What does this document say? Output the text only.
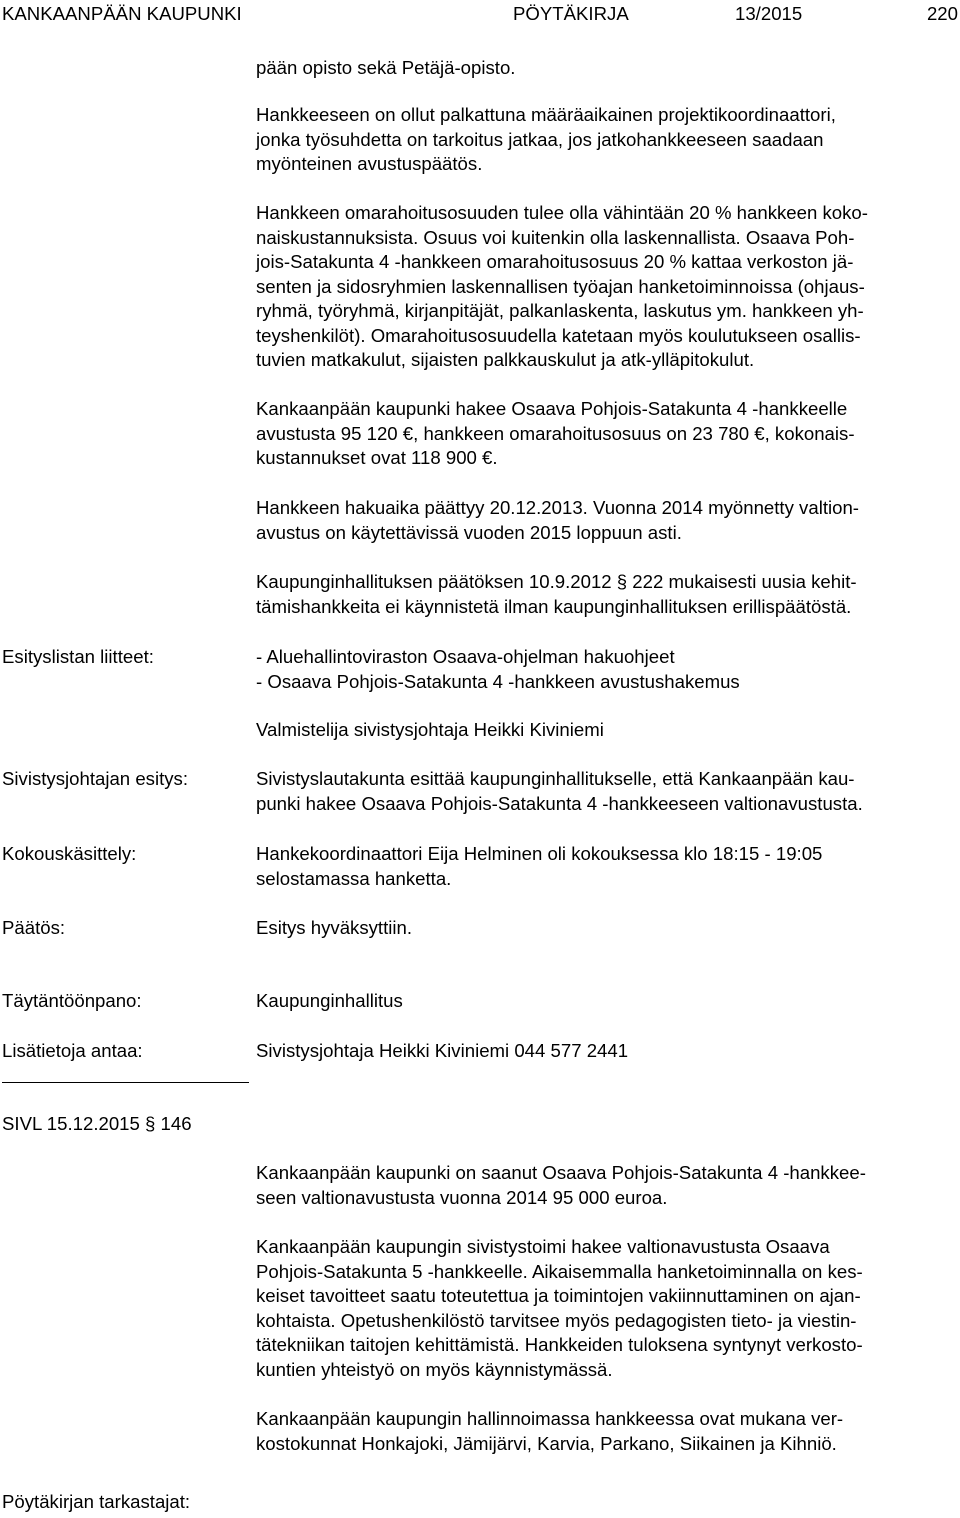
KANKAANPÄÄN KAUPUNKI	PÖYTÄKIRJA	13/2015	220
pään opisto sekä Petäjä-opisto.
Hankkeeseen on ollut palkattuna määräaikainen projektikoordinaattori,
jonka työsuhdetta on tarkoitus jatkaa, jos jatkohankkeeseen saadaan
myönteinen avustuspäätös.
Hankkeen omarahoitusosuuden tulee olla vähintään 20 % hankkeen koko-
naiskustannuksista. Osuus voi kuitenkin olla laskennallista. Osaava Poh-
jois-Satakunta 4 -hankkeen omarahoitusosuus 20 % kattaa verkoston jä-
senten ja sidosryhmien laskennallisen työajan hanketoiminnoissa (ohjaus-
ryhmä, työryhmä, kirjanpitäjät, palkanlaskenta, laskutus ym. hankkeen yh-
teyshenkilöt). Omarahoitusosuudella katetaan myös koulutukseen osallis-
tuvien matkakulut, sijaisten palkkauskulut ja atk-ylläpitokulut.
Kankaanpään kaupunki hakee Osaava Pohjois-Satakunta 4 -hankkeelle
avustusta 95 120 €, hankkeen omarahoitusosuus on 23 780 €, kokonais-
kustannukset ovat 118 900 €.
Hankkeen hakuaika päättyy 20.12.2013. Vuonna 2014 myönnetty valtion-
avustus on käytettävissä vuoden 2015 loppuun asti.
Kaupunginhallituksen päätöksen 10.9.2012 § 222 mukaisesti uusia kehit-
tämishankkeita ei käynnistetä ilman kaupunginhallituksen erillispäätöstä.
Esityslistan liitteet:	- Aluehallintoviraston Osaava-ohjelman hakuohjeet
- Osaava Pohjois-Satakunta 4 -hankkeen avustushakemus
Valmistelija sivistysjohtaja Heikki Kiviniemi
Sivistysjohtajan esitys:	Sivistyslautakunta esittää kaupunginhallitukselle, että Kankaanpään kau-
punki hakee Osaava Pohjois-Satakunta 4 -hankkeeseen valtionavustusta.
Kokouskäsittely:	Hankekoordinaattori Eija Helminen oli kokouksessa klo 18:15 - 19:05
selostamassa hanketta.
Päätös:	Esitys hyväksyttiin.
Täytäntöönpano:	Kaupunginhallitus
Lisätietoja antaa:	Sivistysjohtaja Heikki Kiviniemi 044 577 2441
SIVL 15.12.2015 § 146
Kankaanpään kaupunki on saanut Osaava Pohjois-Satakunta 4 -hankkee-
seen valtionavustusta vuonna 2014 95 000 euroa.
Kankaanpään kaupungin sivistystoimi hakee valtionavustusta Osaava
Pohjois-Satakunta 5 -hankkeelle. Aikaisemmalla hanketoiminnalla on kes-
keiset tavoitteet saatu toteutettua ja toimintojen vakiinnuttaminen on ajan-
kohtaista. Opetushenkilöstö tarvitsee myös pedagogisten tieto- ja viestin-
tätekniikan taitojen kehittämistä. Hankkeiden tuloksena syntynyt verkosto-
kuntien yhteistyö on myös käynnistymässä.
Kankaanpään kaupungin hallinnoimassa hankkeessa ovat mukana ver-
kostokunnat Honkajoki, Jämijärvi, Karvia, Parkano, Siikainen ja Kihniö.
Pöytäkirjan tarkastajat:
